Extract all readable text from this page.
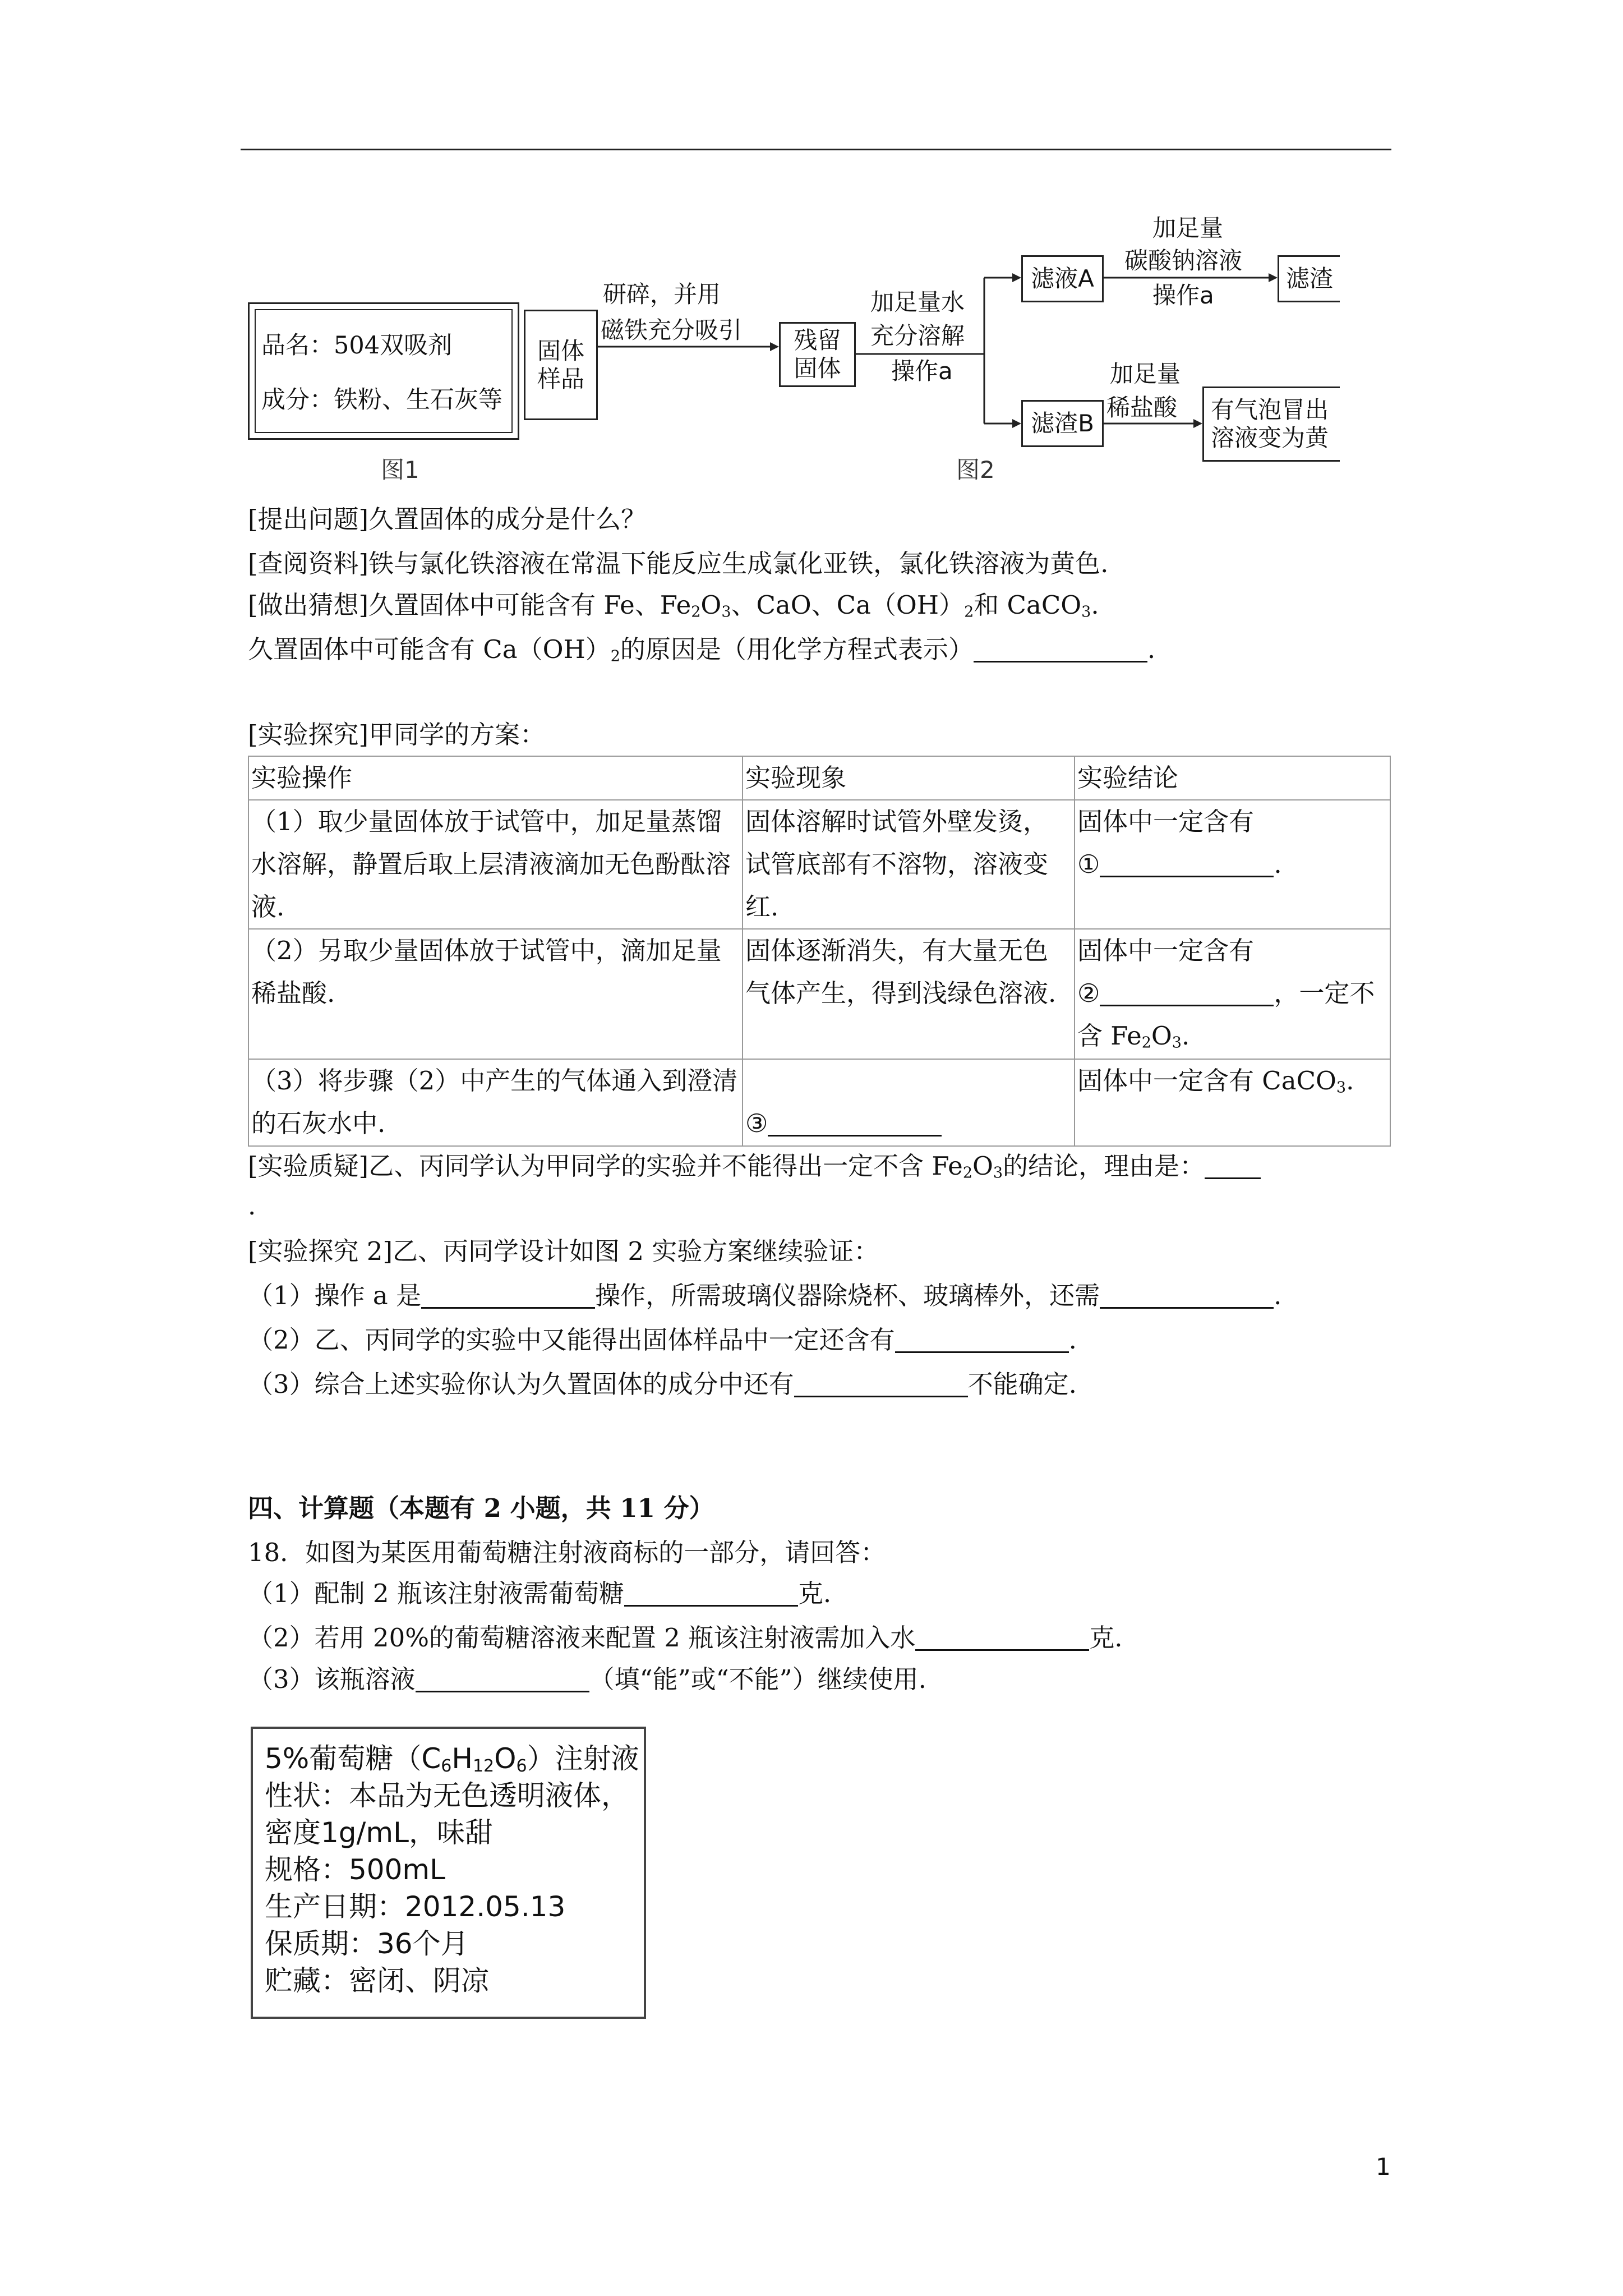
品名：504双吸剂
成分：铁粉、生石灰等
图1
固体
样品
研碎，并用
磁铁充分吸引 残留
固体
加足量水
充分溶解
操作a
滤液A
加足量
碳酸钠溶液
操作a
滤渣
滤渣B
加足量
稀盐酸 有气泡冒出
溶液变为黄
图2
[提出问题]久置固体的成分是什么？
[查阅资料]铁与氯化铁溶液在常温下能反应生成氯化亚铁，氯化铁溶液为黄色.
[做出猜想]久置固体中可能含有 Fe、$Fe_2O_3$、CaO、$Ca(OH)_2$和 CaCO$_3$.
久置固体中可能含有 $Ca(OH)_2$的原因是（用化学方程式表示）	.
[实验探究]甲同学的方案：
实验操作	实验现象	实验结论
（1）取少量固体放于试管中，加足量蒸馏水溶解，静置后取上层清液滴加无色酚酞溶液.	固体溶解时试管外壁发烫，试管底部有不溶物，溶液变红.	固体中一定含有
① .
（2）另取少量固体放于试管中，滴加足量稀盐酸.	固体逐渐消失，有大量无色气体产生，得到浅绿色溶液.	固体中一定含有
② ，一定不含 $Fe_2O_3$.
（3）将步骤（2）中产生的气体通入到澄清的石灰水中.	③	固体中一定含有 CaCO$_3$.
[实验质疑]乙、丙同学认为甲同学的实验并不能得出一定不含 $Fe_2O_3$的结论，理由是：
.
[实验探究 2]乙、丙同学设计如图 2 实验方案继续验证：
（1）操作 a 是	操作，所需玻璃仪器除烧杯、玻璃棒外，还需	.
（2）乙、丙同学的实验中又能得出固体样品中一定还含有	.
（3）综合上述实验你认为久置固体的成分中还有	不能确定.
四、计算题（本题有 2 小题，共 11 分）
18．如图为某医用葡萄糖注射液商标的一部分，请回答：
（1）配制 2 瓶该注射液需葡萄糖	克.
（2）若用 20%的葡萄糖溶液来配置 2 瓶该注射液需加入水	克.
（3）该瓶溶液	（填“能”或“不能”）继续使用.
5%葡萄糖$(C_6H_{12}O_6)$注射液
性状：本品为无色透明液体，
密度1g/mL，味甜
规格：500mL
生产日期：2012.05.13
保质期：36个月
贮藏：密闭、阴凉
1
